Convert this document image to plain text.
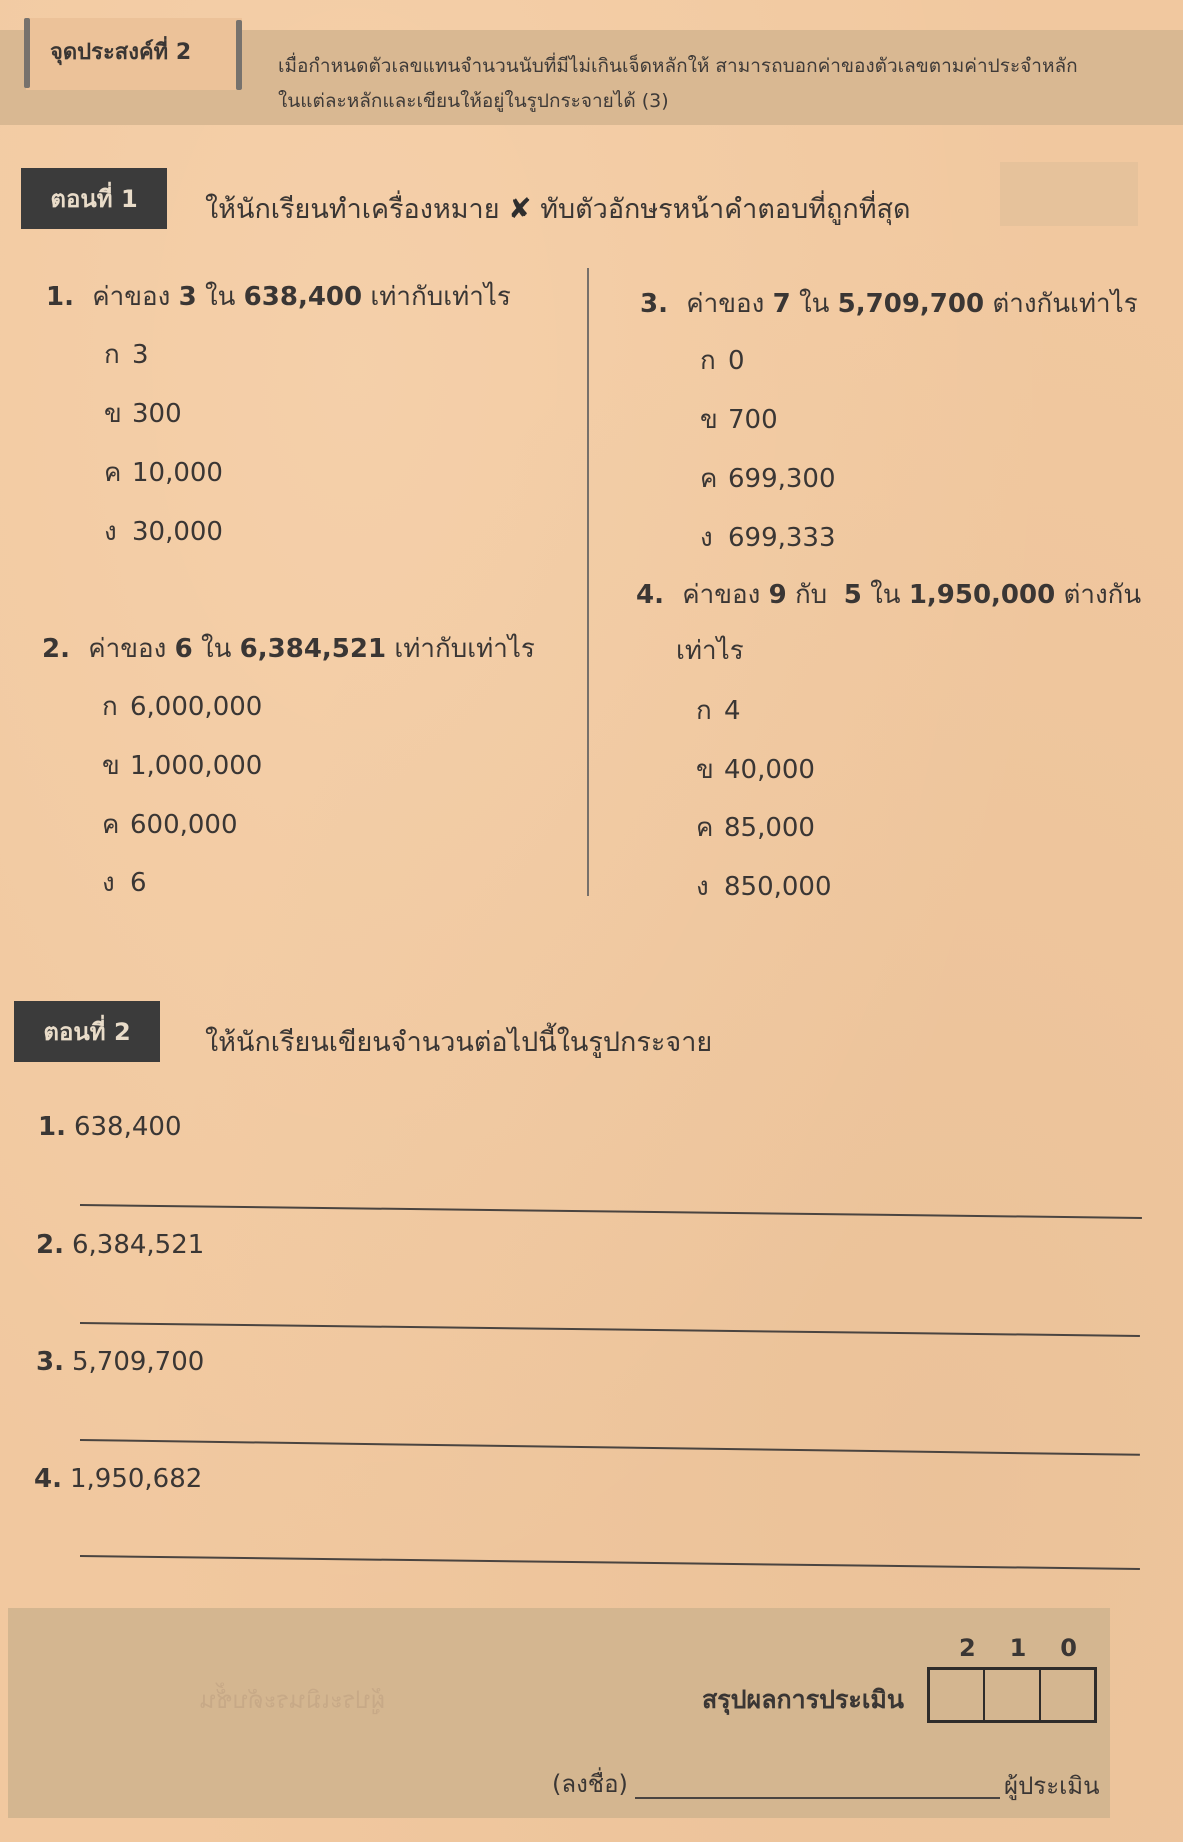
จุดประสงค์ที่ 2
เมื่อกำหนดตัวเลขแทนจำนวนนับที่มีไม่เกินเจ็ดหลักให้ สามารถบอกค่าของตัวเลขตามค่าประจำหลัก
ในแต่ละหลักและเขียนให้อยู่ในรูปกระจายได้ (3)
ตอนที่ 1	ให้นักเรียนทำเครื่องหมาย ✘ ทับตัวอักษรหน้าคำตอบที่ถูกที่สุด
1. ค่าของ 3 ใน 638,400 เท่ากับเท่าไร
ก 3
ข 300
ค 10,000
ง 30,000
2. ค่าของ 6 ใน 6,384,521 เท่ากับเท่าไร
ก 6,000,000
ข 1,000,000
ค 600,000
ง 6
3. ค่าของ 7 ใน 5,709,700 ต่างกันเท่าไร
ก 0
ข 700
ค 699,300
ง 699,333
4. ค่าของ 9 กับ 5 ใน 1,950,000 ต่างกัน
เท่าไร
ก 4
ข 40,000
ค 85,000
ง 850,000
ตอนที่ 2	ให้นักเรียนเขียนจำนวนต่อไปนี้ในรูปกระจาย
1. 638,400
2. 6,384,521
3. 5,709,700
4. 1,950,682
ผู้ประเมินระดับชั้น
2 1 0
สรุปผลการประเมิน
(ลงชื่อ)	ผู้ประเมิน
